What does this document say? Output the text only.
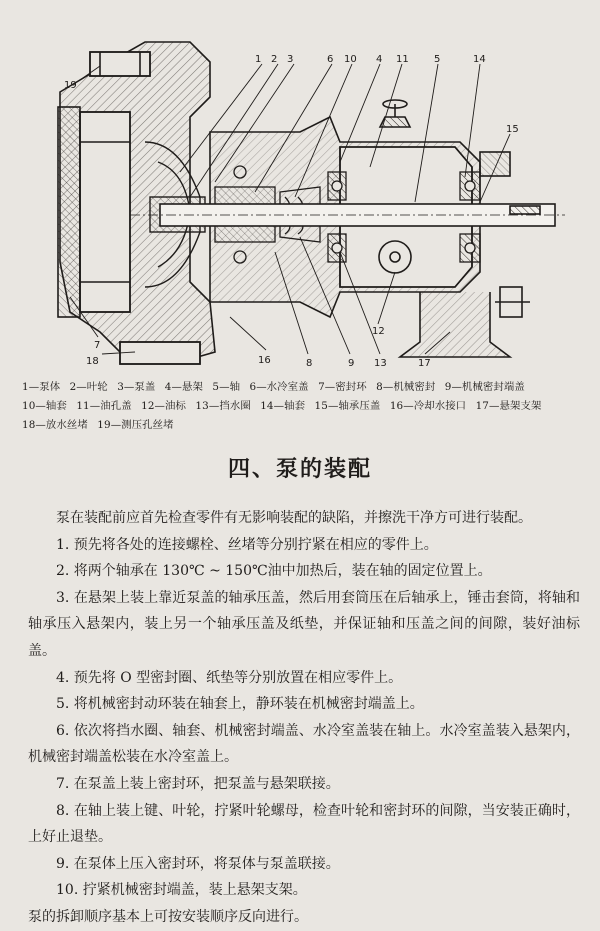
1 2 3	6 10 4 11	5	14
15
19
7
18	16	8	9 13	17
12
1—泵体 2—叶轮 3—泵盖 4—悬架 5—轴 6—水冷室盖 7—密封环 8—机械密封 9—机械密封端盖
10—轴套 11—油孔盖 12—油标 13—挡水圈 14—轴套 15—轴承压盖 16—冷却水接口 17—悬架支架
18—放水丝堵 19—测压孔丝堵
四、泵的装配

泵在装配前应首先检查零件有无影响装配的缺陷，并擦洗干净方可进行装配。

1. 预先将各处的连接螺栓、丝堵等分别拧紧在相应的零件上。

2. 将两个轴承在 130℃ ~ 150℃油中加热后，装在轴的固定位置上。

3. 在悬架上装上靠近泵盖的轴承压盖，然后用套筒压在后轴承上，锤击套筒，将轴和轴承压入悬架内，装上另一个轴承压盖及纸垫，并保证轴和压盖之间的间隙，装好油标盖。

4. 预先将 O 型密封圈、纸垫等分别放置在相应零件上。

5. 将机械密封动环装在轴套上，静环装在机械密封端盖上。

6. 依次将挡水圈、轴套、机械密封端盖、水冷室盖装在轴上。水冷室盖装入悬架内，机械密封端盖松装在水冷室盖上。

7. 在泵盖上装上密封环，把泵盖与悬架联接。

8. 在轴上装上键、叶轮，拧紧叶轮螺母，检查叶轮和密封环的间隙，当安装正确时，上好止退垫。

9. 在泵体上压入密封环，将泵体与泵盖联接。

10. 拧紧机械密封端盖，装上悬架支架。

泵的拆卸顺序基本上可按安装顺序反向进行。
